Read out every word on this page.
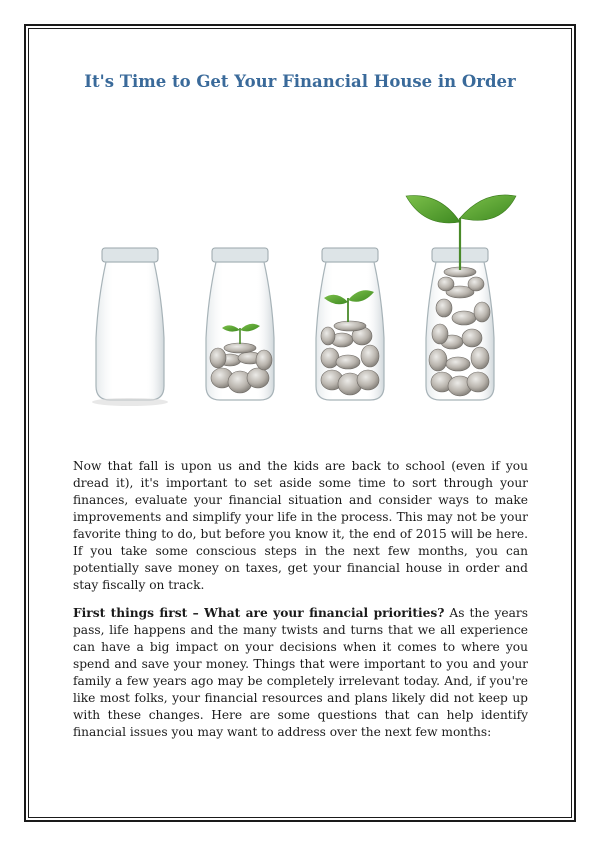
It's Time to Get Your Financial House in Order

Now that fall is upon us and the kids are back to school (even if you dread it), it's important to set aside some time to sort through your finances, evaluate your financial situation and consider ways to make improvements and simplify your life in the process. This may not be your favorite thing to do, but before you know it, the end of 2015 will be here. If you take some conscious steps in the next few months, you can potentially save money on taxes, get your financial house in order and stay fiscally on track.

First things first – What are your financial priorities? As the years pass, life happens and the many twists and turns that we all experience can have a big impact on your decisions when it comes to where you spend and save your money. Things that were important to you and your family a few years ago may be completely irrelevant today. And, if you're like most folks, your financial resources and plans likely did not keep up with these changes. Here are some questions that can help identify financial issues you may want to address over the next few months:
